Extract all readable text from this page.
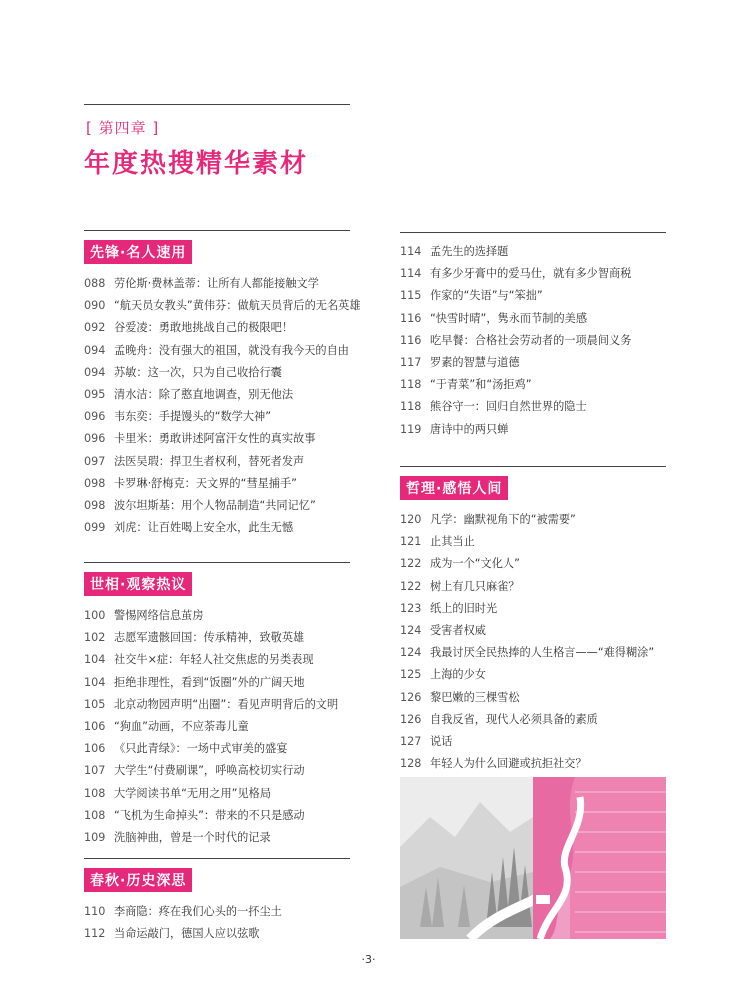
[ 第四章 ]
年度热搜精华素材
先锋·名人速用
088 劳伦斯·费林盖蒂：让所有人都能接触文学
090 “航天员女教头”黄伟芬：做航天员背后的无名英雄
092 谷爱凌：勇敢地挑战自己的极限吧！
094 孟晚舟：没有强大的祖国，就没有我今天的自由
094 苏敏：这一次，只为自己收拾行囊
095 清水洁：除了憨直地调查，别无他法
096 韦东奕：手提馒头的“数学大神”
096 卡里米：勇敢讲述阿富汗女性的真实故事
097 法医吴瑕：捍卫生者权利，替死者发声
098 卡罗琳·舒梅克：天文界的“彗星捕手”
098 波尔坦斯基：用个人物品制造“共同记忆”
099 刘虎：让百姓喝上安全水，此生无憾
世相·观察热议
100 警惕网络信息茧房
102 志愿军遗骸回国：传承精神，致敬英雄
104 社交牛×症：年轻人社交焦虑的另类表现
104 拒绝非理性，看到“饭圈”外的广阔天地
105 北京动物园声明“出圈”：看见声明背后的文明
106 “狗血”动画，不应荼毒儿童
106 《只此青绿》：一场中式审美的盛宴
107 大学生“付费刷课”，呼唤高校切实行动
108 大学阅读书单“无用之用”见格局
108 “飞机为生命掉头”：带来的不只是感动
109 洗脑神曲，曾是一个时代的记录
春秋·历史深思
110 李商隐：疼在我们心头的一抔尘土
112 当命运敲门，德国人应以弦歌
114 孟先生的选择题
114 有多少牙膏中的爱马仕，就有多少智商税
115 作家的“失语”与“笨拙”
116 “快雪时晴”，隽永而节制的美感
116 吃早餐：合格社会劳动者的一项晨间义务
117 罗素的智慧与道德
118 “于青菜”和“汤拒鸡”
118 熊谷守一：回归自然世界的隐士
119 唐诗中的两只蝉
哲理·感悟人间
120 凡学：幽默视角下的“被需要”
121 止其当止
122 成为一个“文化人”
122 树上有几只麻雀？
123 纸上的旧时光
124 受害者权威
124 我最讨厌全民热捧的人生格言——“难得糊涂”
125 上海的少女
126 黎巴嫩的三棵雪松
126 自我反省，现代人必须具备的素质
127 说话
128 年轻人为什么回避或抗拒社交？
·3·
